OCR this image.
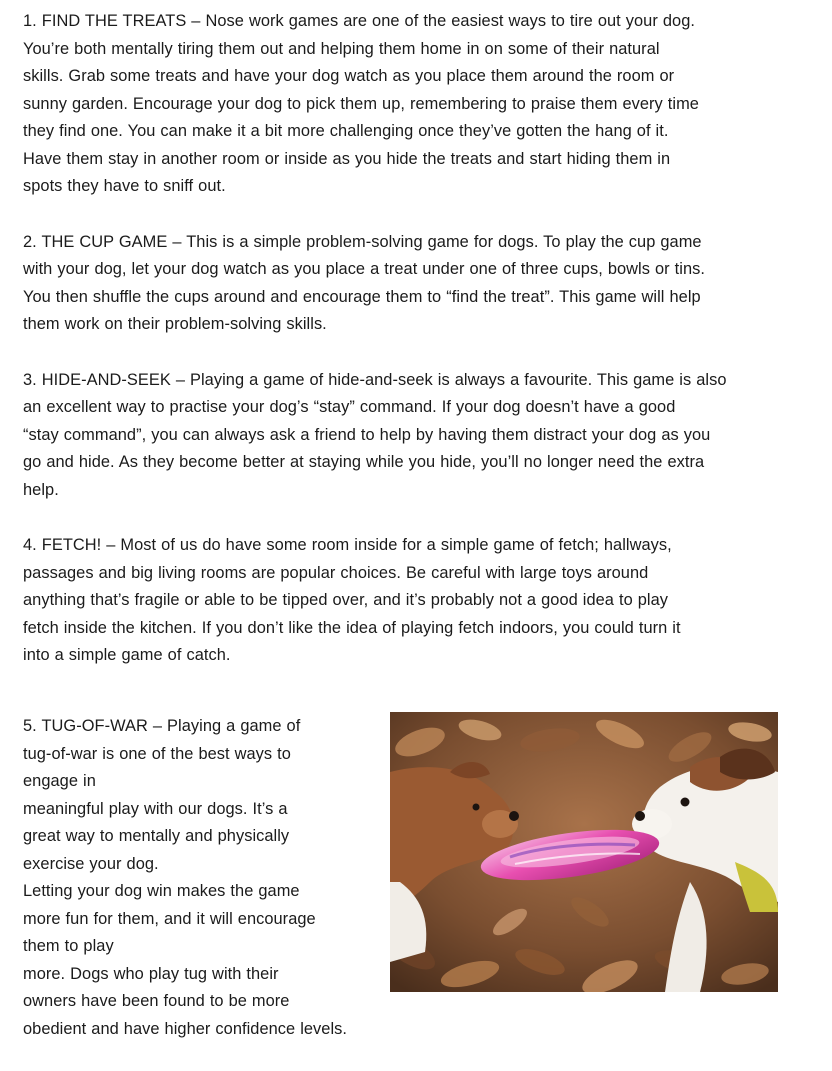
1. FIND THE TREATS – Nose work games are one of the easiest ways to tire out your dog.
You’re both mentally tiring them out and helping them home in on some of their natural
skills. Grab some treats and have your dog watch as you place them around the room or
sunny garden. Encourage your dog to pick them up, remembering to praise them every time
they find one. You can make it a bit more challenging once they’ve gotten the hang of it.
Have them stay in another room or inside as you hide the treats and start hiding them in
spots they have to sniff out.

2. THE CUP GAME – This is a simple problem-solving game for dogs. To play the cup game
with your dog, let your dog watch as you place a treat under one of three cups, bowls or tins.
You then shuffle the cups around and encourage them to “find the treat”. This game will help
them work on their problem-solving skills.

3. HIDE-AND-SEEK – Playing a game of hide-and-seek is always a favourite. This game is also
an excellent way to practise your dog’s “stay” command. If your dog doesn’t have a good
“stay command”, you can always ask a friend to help by having them distract your dog as you
go and hide. As they become better at staying while you hide, you’ll no longer need the extra
help.

4. FETCH! – Most of us do have some room inside for a simple game of fetch; hallways,
passages and big living rooms are popular choices. Be careful with large toys around
anything that’s fragile or able to be tipped over, and it’s probably not a good idea to play
fetch inside the kitchen. If you don’t like the idea of playing fetch indoors, you could turn it
into a simple game of catch.

5. TUG-OF-WAR – Playing a game of
tug-of-war is one of the best ways to
engage in
meaningful play with our dogs. It’s a
great way to mentally and physically
exercise your dog.
Letting your dog win makes the game
more fun for them, and it will encourage
them to play
more. Dogs who play tug with their
owners have been found to be more
obedient and have higher confidence levels.
